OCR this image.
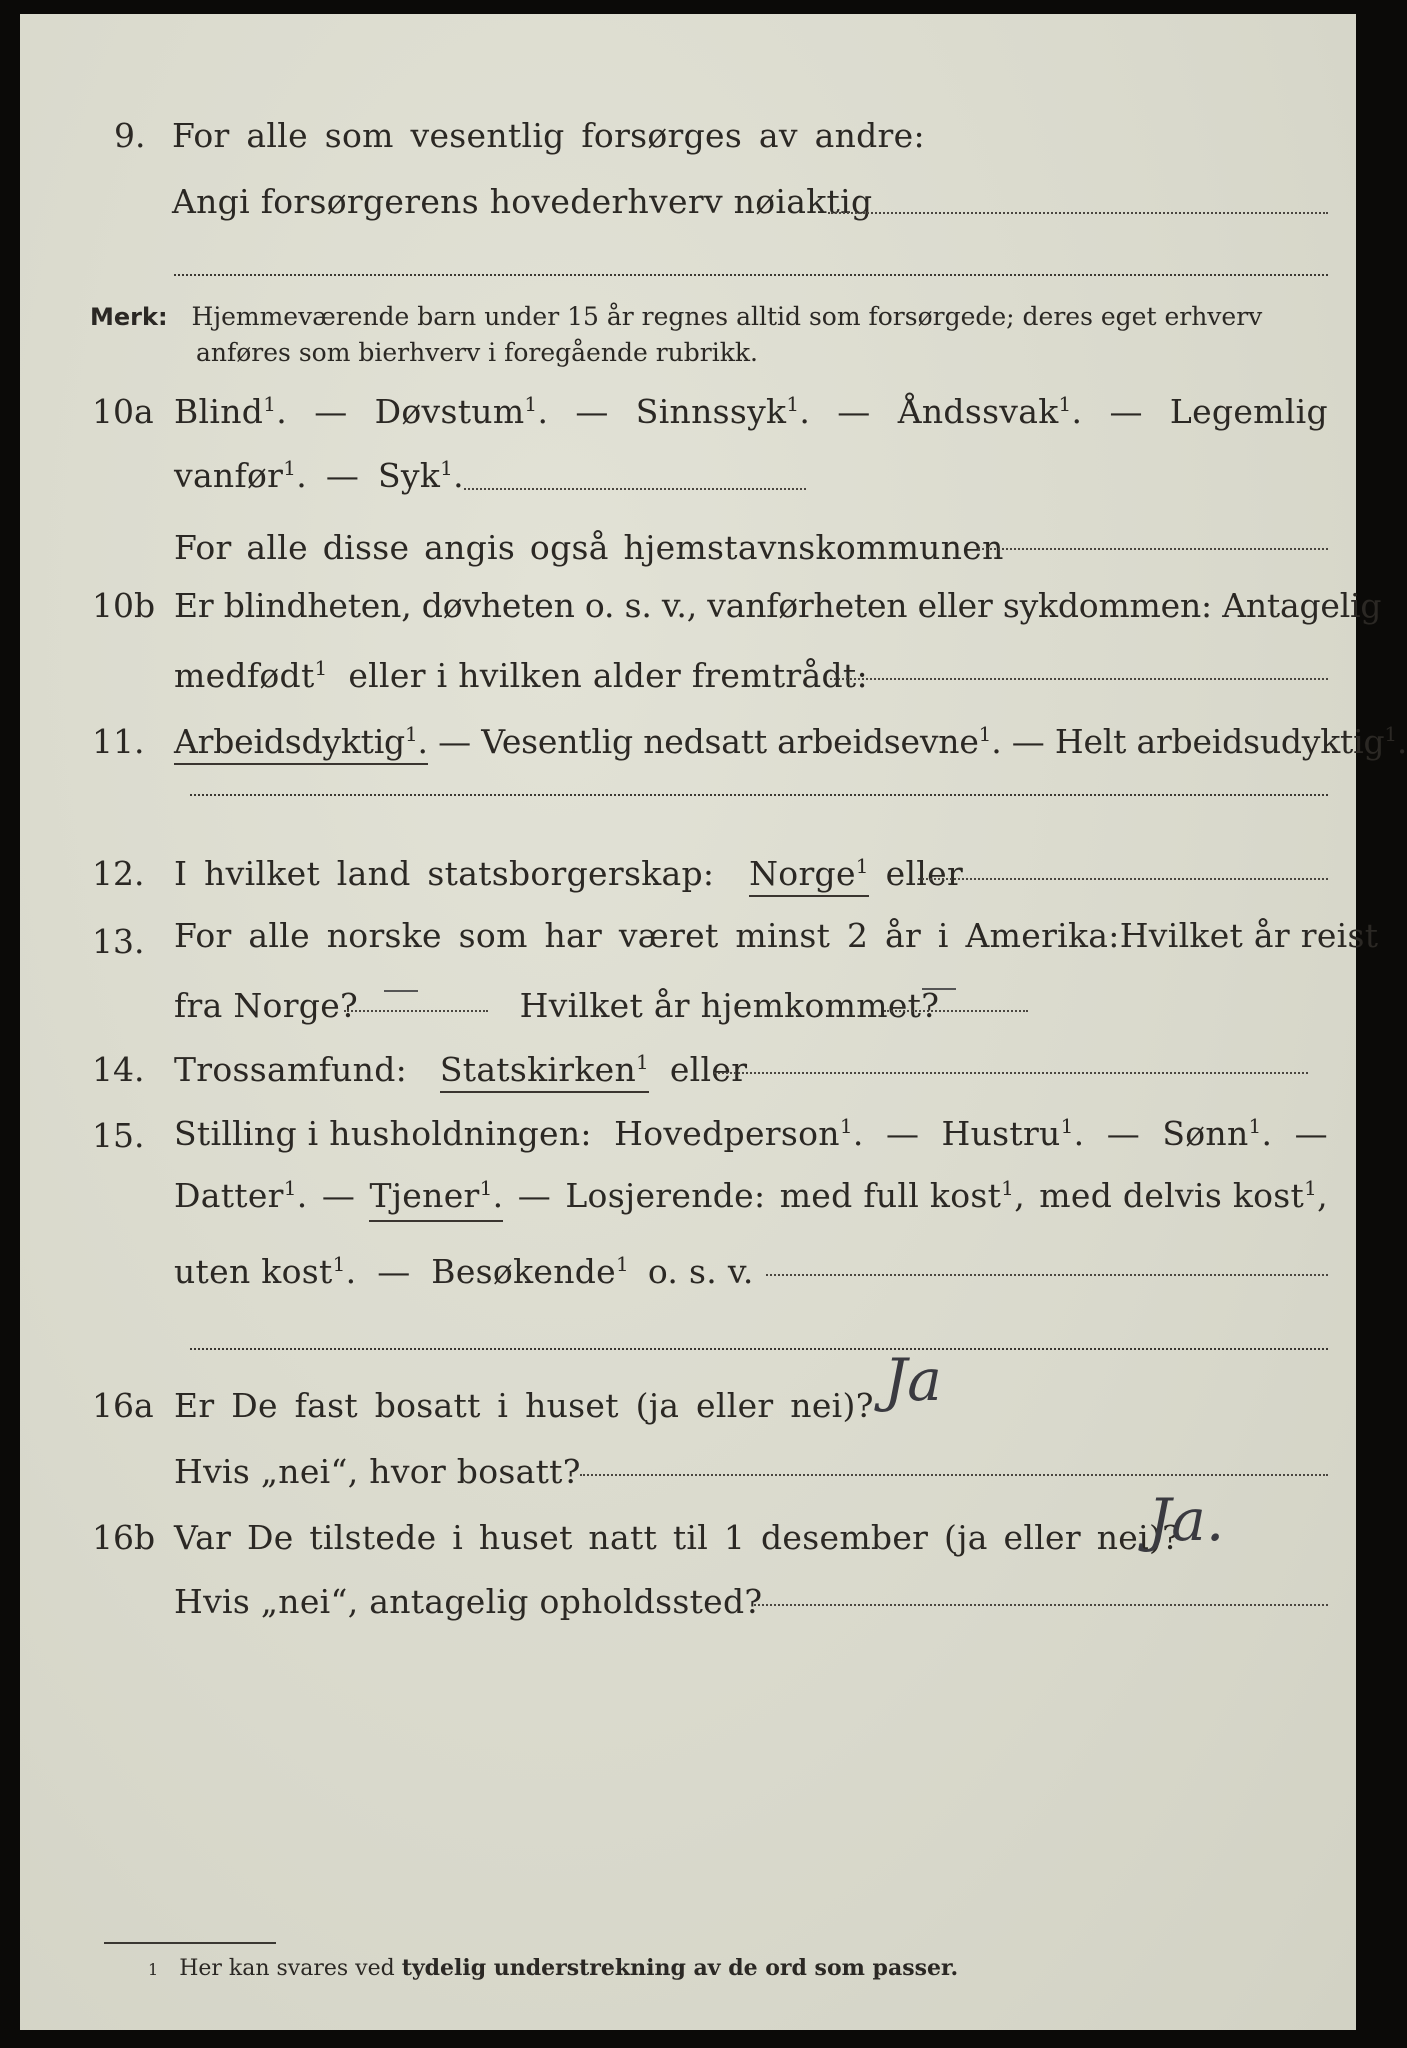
9. For alle som vesentlig forsørges av andre:
Angi forsørgerens hovederhverv nøiaktig
Merk: Hjemmeværende barn under 15 år regnes alltid som forsørgede; deres eget erhverv
anføres som bierhverv i foregående rubrikk.
10a Blind$^1$. — Døvstum$^1$. — Sinnssyk$^1$. — Åndssvak$^1$. — Legemlig
vanfør$^1$. — Syk$^1$.
For alle disse angis også hjemstavnskommunen
10b Er blindheten, døvheten o. s. v., vanførheten eller sykdommen: Antagelig
medfødt$^1$ eller i hvilken alder fremtrådt:
11. Arbeidsdyktig$^1$. — Vesentlig nedsatt arbeidsevne$^1$. — Helt arbeidsudyktig$^1$.
12. I hvilket land statsborgerskap: Norge$^1$ eller
13. For alle norske som har været minst 2 år i Amerika: Hvilket år reist
fra Norge?	Hvilket år hjemkommet?
14. Trossamfund: Statskirken$^1$ eller
15. Stilling i husholdningen: Hovedperson$^1$. — Hustru$^1$. — Sønn$^1$. —
Datter$^1$. — Tjener$^1$. — Losjerende: med full kost$^1$, med delvis kost$^1$,
uten kost$^1$. — Besøkende$^1$ o. s. v.
16a Er De fast bosatt i huset (ja eller nei)? Ja
Hvis „nei“, hvor bosatt?
16b Var De tilstede i huset natt til 1 desember (ja eller nei)?
Ja.
Hvis „nei“, antagelig opholdssted?
1 Her kan svares ved tydelig understrekning av de ord som passer.
